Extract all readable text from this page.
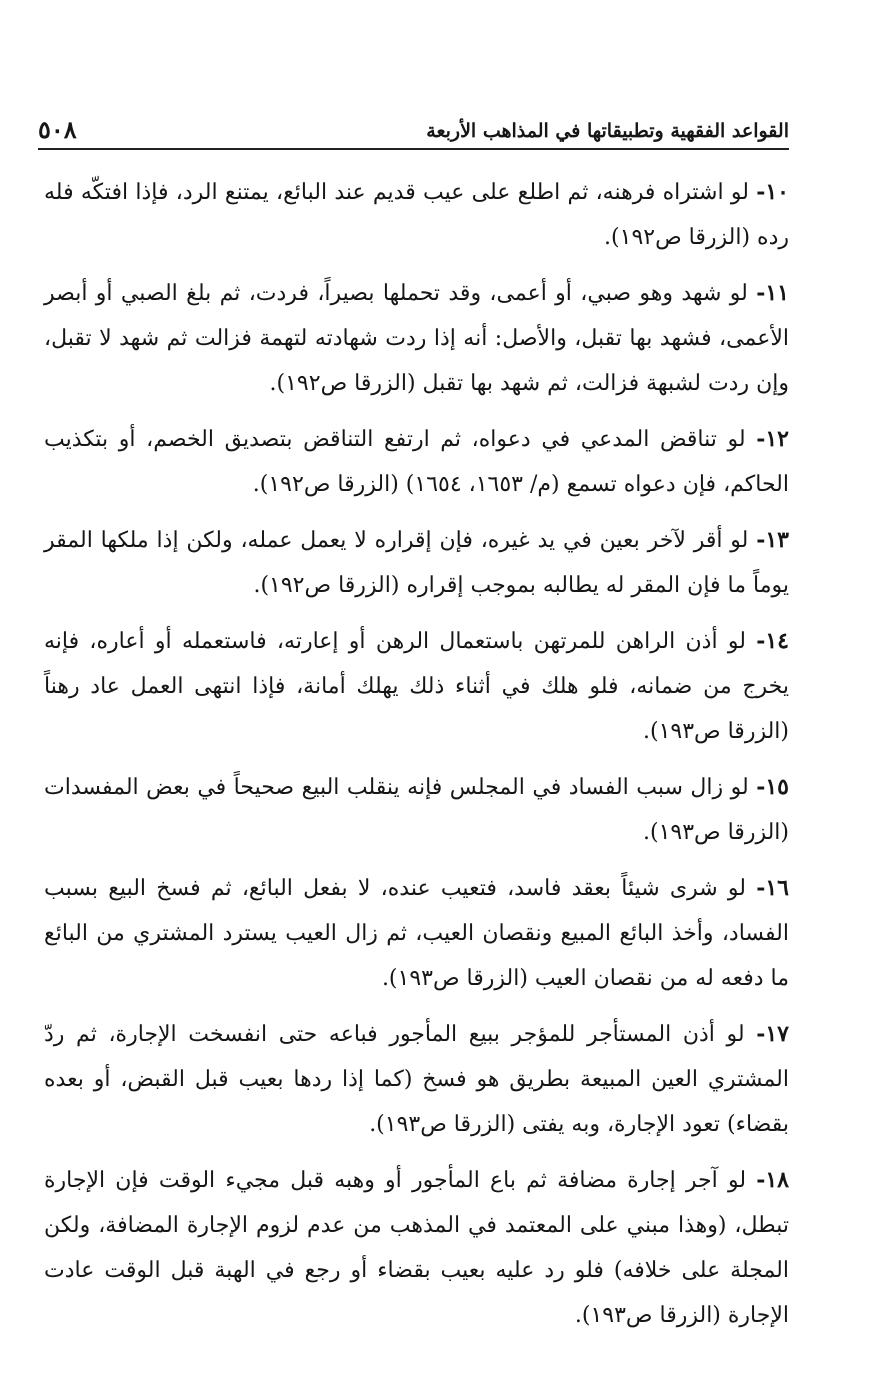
القواعد الفقهية وتطبيقاتها في المذاهب الأربعة
٥٠٨

١٠- لو اشتراه فرهنه، ثم اطلع على عيب قديم عند البائع، يمتنع الرد، فإذا افتكّه فله رده (الزرقا ص١٩٢).

١١- لو شهد وهو صبي، أو أعمى، وقد تحملها بصيراً، فردت، ثم بلغ الصبي أو أبصر الأعمى، فشهد بها تقبل، والأصل: أنه إذا ردت شهادته لتهمة فزالت ثم شهد لا تقبل، وإن ردت لشبهة فزالت، ثم شهد بها تقبل (الزرقا ص١٩٢).

١٢- لو تناقض المدعي في دعواه، ثم ارتفع التناقض بتصديق الخصم، أو بتكذيب الحاكم، فإن دعواه تسمع (م/ ١٦٥٣، ١٦٥٤) (الزرقا ص١٩٢).

١٣- لو أقر لآخر بعين في يد غيره، فإن إقراره لا يعمل عمله، ولكن إذا ملكها المقر يوماً ما فإن المقر له يطالبه بموجب إقراره (الزرقا ص١٩٢).

١٤- لو أذن الراهن للمرتهن باستعمال الرهن أو إعارته، فاستعمله أو أعاره، فإنه يخرج من ضمانه، فلو هلك في أثناء ذلك يهلك أمانة، فإذا انتهى العمل عاد رهناً (الزرقا ص١٩٣).

١٥- لو زال سبب الفساد في المجلس فإنه ينقلب البيع صحيحاً في بعض المفسدات (الزرقا ص١٩٣).

١٦- لو شرى شيئاً بعقد فاسد، فتعيب عنده، لا بفعل البائع، ثم فسخ البيع بسبب الفساد، وأخذ البائع المبيع ونقصان العيب، ثم زال العيب يسترد المشتري من البائع ما دفعه له من نقصان العيب (الزرقا ص١٩٣).

١٧- لو أذن المستأجر للمؤجر ببيع المأجور فباعه حتى انفسخت الإجارة، ثم ردّ المشتري العين المبيعة بطريق هو فسخ (كما إذا ردها بعيب قبل القبض، أو بعده بقضاء) تعود الإجارة، وبه يفتى (الزرقا ص١٩٣).

١٨- لو آجر إجارة مضافة ثم باع المأجور أو وهبه قبل مجيء الوقت فإن الإجارة تبطل، (وهذا مبني على المعتمد في المذهب من عدم لزوم الإجارة المضافة، ولكن المجلة على خلافه) فلو رد عليه بعيب بقضاء أو رجع في الهبة قبل الوقت عادت الإجارة (الزرقا ص١٩٣).
